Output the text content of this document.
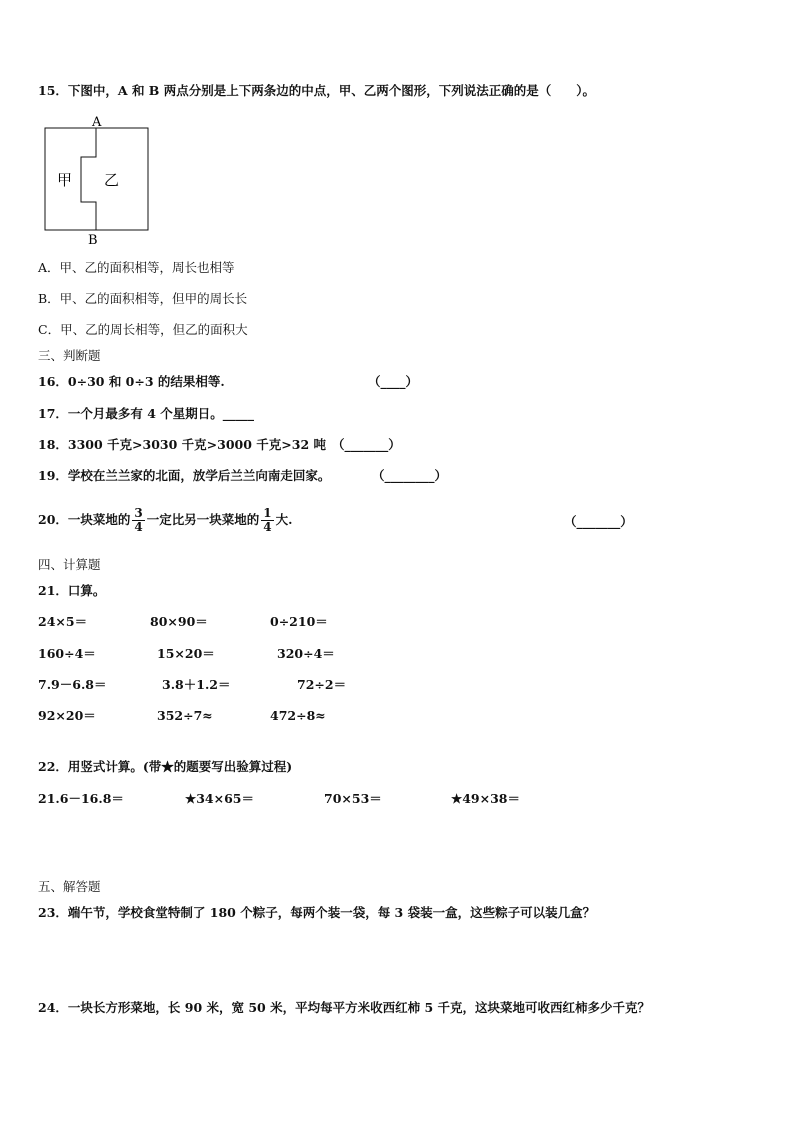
15．下图中，A 和 B 两点分别是上下两条边的中点，甲、乙两个图形，下列说法正确的是（　　）。
A
B
甲 乙
A．甲、乙的面积相等，周长也相等
B．甲、乙的面积相等，但甲的周长长
C．甲、乙的周长相等，但乙的面积大
三、判断题
16．0÷30 和 0÷3 的结果相等.	（____）
17．一个月最多有 4 个星期日。_____
18．3300 千克>3030 千克>3000 千克>32 吨 （_______）
19．学校在兰兰家的北面，放学后兰兰向南走回家。	（________）
20．一块菜地的 $\frac{3}{4}$ 一定比另一块菜地的 $\frac{1}{4}$ 大.	（_______）
四、计算题
21．口算。
24×5＝	80×90＝	0÷210＝
160÷4＝	15×20＝	320÷4＝
7.9－6.8＝	3.8＋1.2＝	72÷2＝
92×20＝	352÷7≈	472÷8≈
22．用竖式计算。(带★的题要写出验算过程)
21.6－16.8＝	★34×65＝	70×53＝	★49×38＝
五、解答题
23．端午节，学校食堂特制了 180 个粽子，每两个装一袋，每 3 袋装一盒，这些粽子可以装几盒？
24．一块长方形菜地，长 90 米，宽 50 米，平均每平方米收西红柿 5 千克，这块菜地可收西红柿多少千克？
